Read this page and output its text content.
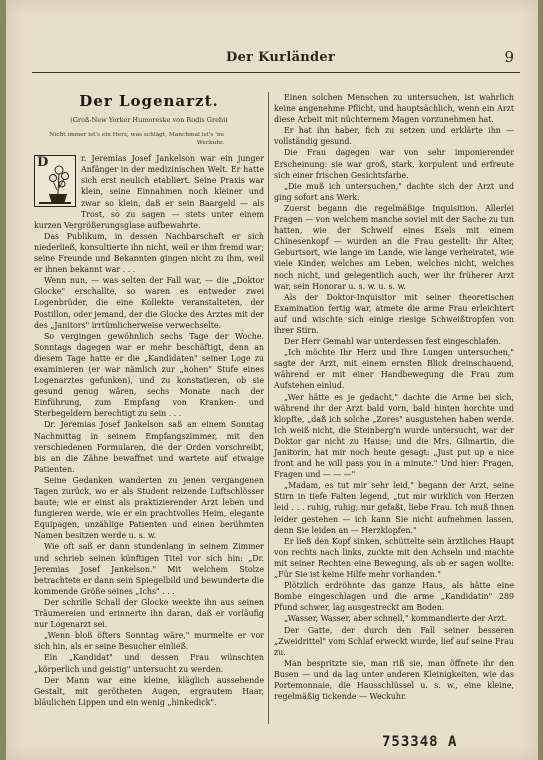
Der Kurländer	9
Der Logenarzt.
(Groß-New Yorker Humoreske von Rodis Grebi)
Nicht immer ist's ein Herz, was schlägt, Manchmal ist's 'ne Weckuhr.
D	r. Jeremias Josef Jankelson war ein junger Anfänger in der medizinischen Welt. Er hatte sich erst neulich etabliert. Seine Praxis war klein, seine Einnahmen noch kleiner und zwar so klein, daß er sein Baargeld — als Trost, so zu sagen — stets unter einem kurzen Vergrößerungsglase aufbewahrte.

Das Publikum, in dessen Nachbarschaft er sich niederließ, konsultierte ihn nicht, weil er ihm fremd war; seine Freunde und Bekannten gingen nicht zu ihm, weil er ihnen bekannt war . . .

Wenn nun, — was selten der Fall war, — die „Doktor Glocke" erschallte, so waren es entweder zwei Logenbrüder, die eine Kollekte veranstalteten, der Postillon, oder jemand, der die Glocke des Arztes mit der des „Janitors" irrtümlicherweise verwechselte.

So vergingen gewöhnlich sechs Tage der Woche. Sonntags dagegen war er mehr beschäftigt, denn an diesem Tage hatte er die „Kandidaten" seiner Loge zu examinieren (er war nämlich zur „hohen" Stufe eines Logenarztes gefunken), und zu konstatieren, ob sie gesund genug wären, sechs Monate nach der Einführung, zum Empfang von Kranken- und Sterbegeldern berechtigt zu sein . . .

Dr. Jeremias Josef Jankelson saß an einem Sonntag Nachmittag in seinem Empfangszimmer, mit den verschiedenen Formularen, die der Orden vorschreibt, bis an die Zähne bewaffnet und wartete auf etwaige Patienten.

Seine Gedanken wanderten zu jenen vergangenen Tagen zurück, wo er als Student reizende Luftschlösser baute; wie er einst als praktizierender Arzt leben und fungieren werde, wie er ein prachtvolles Heim, elegante Equipagen, unzählige Patienten und einen berühmten Namen besitzen werde u. s. w.

Wie oft saß er dann stundenlang in seinem Zimmer und schrieb seinen künftigen Titel vor sich hin: „Dr. Jeremias Josef Jankelson." Mit welchem Stolze betrachtete er dann sein Spiegelbild und bewunderte die kommende Größe seines „Ichs" . . .

Der schrille Schall der Glocke weckte ihn aus seinen Träumereien und erinnerte ihn daran, daß er vorläufig nur Logenarzt sei.

„Wenn bloß öfters Sonntag wäre," murmelte er vor sich hin, als er seine Besucher einließ.

Ein „Kandidat" und dessen Frau wünschten „körperlich und geistig" untersucht zu werden.

Der Mann war eine kleine, kläglich aussehende Gestalt, mit gerötheten Augen, ergrautem Haar, bläulichen Lippen und ein wenig „hinkedick".

Einen solchen Menschen zu untersuchen, ist wahrlich keine angenehme Pflicht, und hauptsächlich, wenn ein Arzt diese Arbeit mit nüchternem Magen vorzunehmen hat.

Er hat ihn haber, fich zu setzen und erklärte ihn — vollständig gesund.

Die Frau dagegen war von sehr imponierender Erscheinung: sie war groß, stark, korpulent und erfreute sich einer frischen Gesichtsfarbe.

„Die muß ich untersuchen," dachte sich der Arzt und ging sofort ans Werk.

Zuerst begann die regelmäßige Inquisition. Allerlei Fragen — von welchem manche soviel mit der Sache zu tun hatten, wie der Schweif eines Esels mit einem Chinesenkopf — wurden an die Frau gestellt: ihr Alter, Geburtsort, wie lange im Lande, wie lange verheiratet, wie viele Kinder, welches am Leben, welches nicht, welches noch nicht, und gelegentlich auch, wer ihr früherer Arzt war, sein Honorar u. s. w. u. s. w.

Als der Doktor-Inquisitor mit seiner theoretischen Examination fertig war, atmete die arme Frau erleichtert auf und wischte sich einige riesige Schweißtropfen von ihrer Stirn.

Der Herr Gemahl war unterdessen fest eingeschlafen.

„Ich möchte Ihr Herz und Ihre Lungen untersuchen," sagte der Arzt, mit einem ernsten Blick dreinschauend, während er mit einer Handbewegung die Frau zum Aufstehen einlud.

„Wer hätte es je gedacht," dachte die Arme bei sich, während ihr der Arzt bald vorn, bald hinten horchte und klopfte, „daß ich solche „Zores" ausgustehen haben werde. Ich weiß nicht, die Steinberg'n wurde untersucht, war der Doktor gar nicht zu Hause; und die Mrs. Gilmartin, die Janitorin, hat mir noch heute gesagt: „Just put up a nice front and he will pass you in a minute." Und hier: Fragen, Fragen und — — —"

„Madam, es tut mir sehr leid," begann der Arzt, seine Stirn in tiefe Falten legend, „tut mir wirklich von Herzen leid . . . ruhig, ruhig; nur gefaßt, liebe Frau. Ich muß Ihnen leider gestehen — ich kann Sie nicht aufnehmen lassen, denn Sie leiden an — Herzklopfen."

Er ließ den Kopf sinken, schüttelte sein ärztliches Haupt von rechts nach links, zuckte mit den Achseln und machte mit seiner Rechten eine Bewegung, als ob er sagen wollte: „Für Sie ist keine Hilfe mehr vorhanden."

Plötzlich erdröhnte das ganze Haus, als hätte eine Bombe eingeschlagen und die arme „Kandidatin" 289 Pfund schwer, lag ausgestreckt am Boden.

„Wasser, Wasser, aber schnell," kommandierte der Arzt.

Der Gatte, der durch den Fall seiner besseren „Zweidrittel" vom Schlaf erweckt wurde, lief auf seine Frau zu.

Man bespritzte sie, man riß sie, man öffnete ihr den Busen — und da lag unter anderen Kleinigkeiten, wie das Portemonnaie, die Hausschlüssel u. s. w., eine kleine, regelmäßig tickende — Weckuhr.

753348 A
